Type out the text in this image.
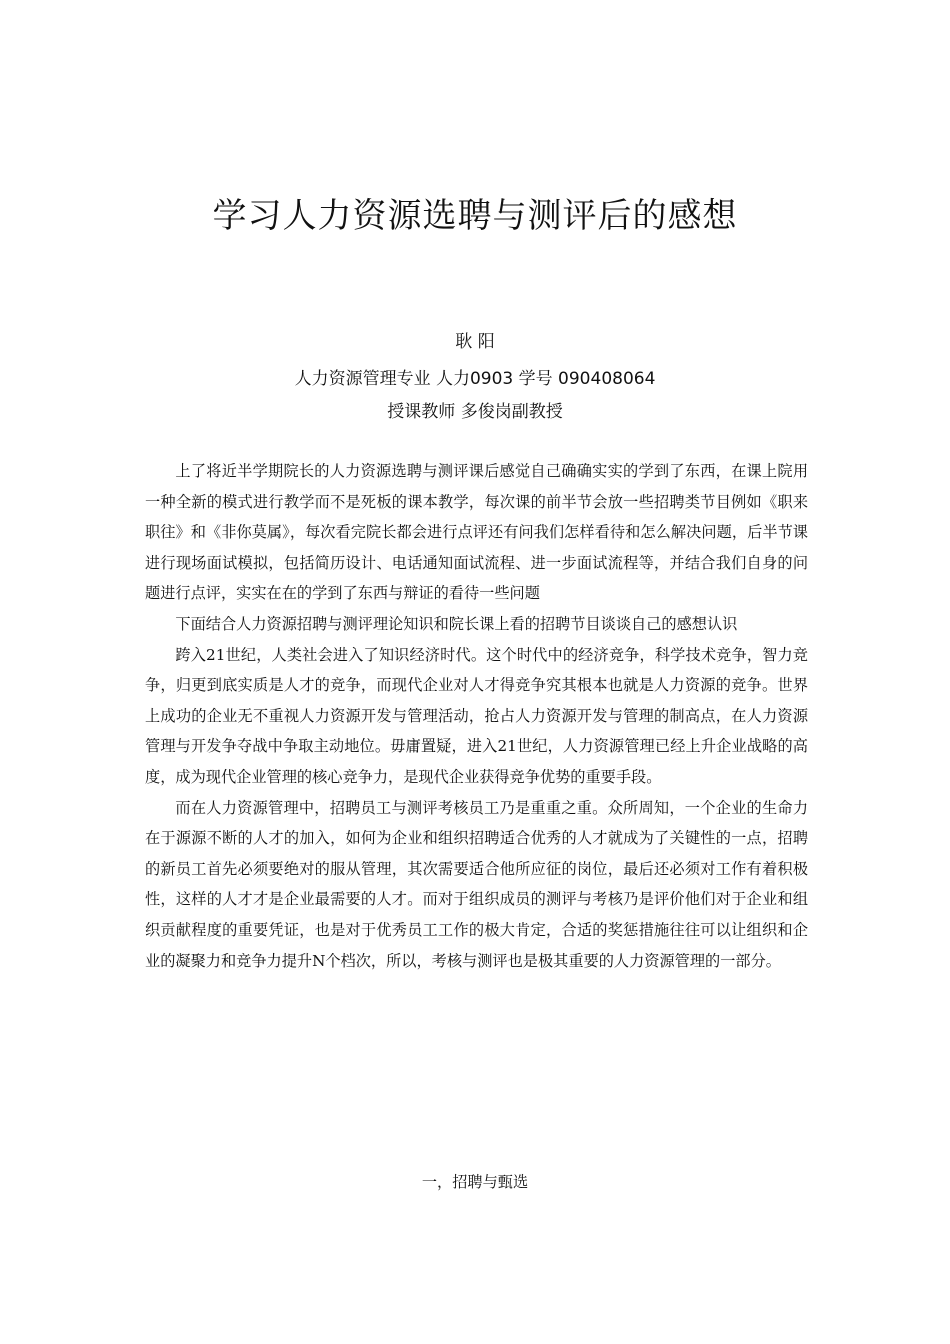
学习人力资源选聘与测评后的感想
耿 阳
人力资源管理专业 人力0903 学号 090408064
授课教师 多俊岗副教授

上了将近半学期院长的人力资源选聘与测评课后感觉自己确确实实的学到了东西，在课上院用一种全新的模式进行教学而不是死板的课本教学，每次课的前半节会放一些招聘类节目例如《职来职往》和《非你莫属》，每次看完院长都会进行点评还有问我们怎样看待和怎么解决问题，后半节课进行现场面试模拟，包括简历设计、电话通知面试流程、进一步面试流程等，并结合我们自身的问题进行点评，实实在在的学到了东西与辩证的看待一些问题

下面结合人力资源招聘与测评理论知识和院长课上看的招聘节目谈谈自己的感想认识

跨入21世纪，人类社会进入了知识经济时代。这个时代中的经济竞争，科学技术竞争，智力竞争，归更到底实质是人才的竞争，而现代企业对人才得竞争究其根本也就是人力资源的竞争。世界上成功的企业无不重视人力资源开发与管理活动，抢占人力资源开发与管理的制高点，在人力资源管理与开发争夺战中争取主动地位。毋庸置疑，进入21世纪，人力资源管理已经上升企业战略的高度，成为现代企业管理的核心竞争力，是现代企业获得竞争优势的重要手段。

而在人力资源管理中，招聘员工与测评考核员工乃是重重之重。众所周知，一个企业的生命力在于源源不断的人才的加入，如何为企业和组织招聘适合优秀的人才就成为了关键性的一点，招聘的新员工首先必须要绝对的服从管理，其次需要适合他所应征的岗位，最后还必须对工作有着积极性，这样的人才才是企业最需要的人才。而对于组织成员的测评与考核乃是评价他们对于企业和组织贡献程度的重要凭证，也是对于优秀员工工作的极大肯定，合适的奖惩措施往往可以让组织和企业的凝聚力和竞争力提升N个档次，所以，考核与测评也是极其重要的人力资源管理的一部分。

一，招聘与甄选
